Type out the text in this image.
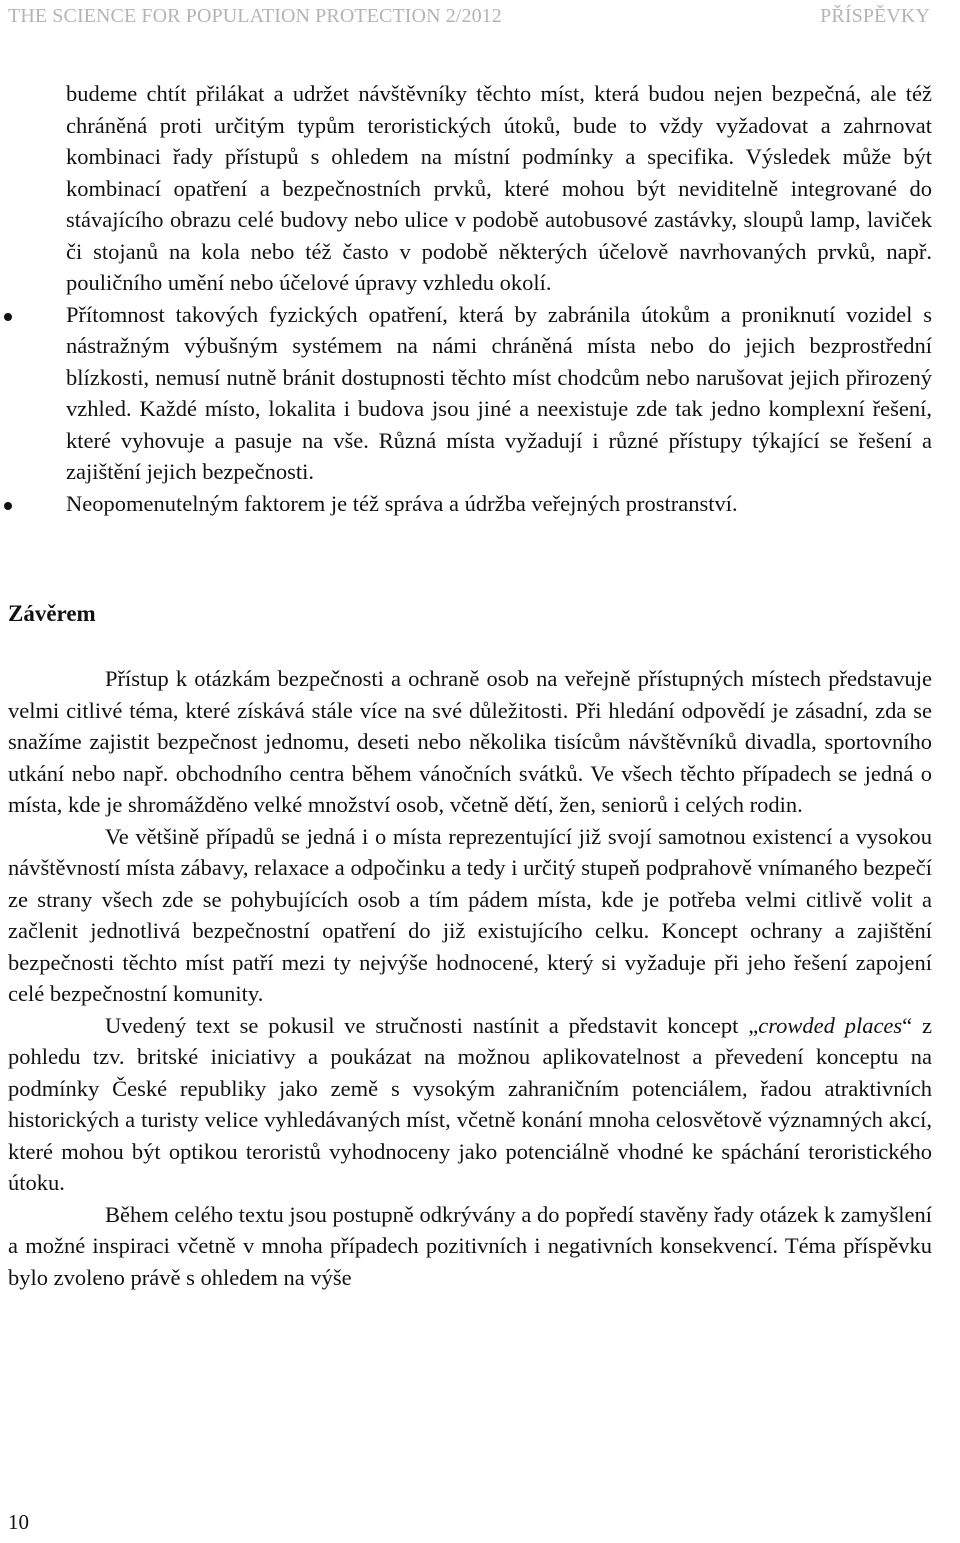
THE SCIENCE FOR POPULATION PROTECTION 2/2012	PŘÍSPĚVKY

budeme chtít přilákat a udržet návštěvníky těchto míst, která budou nejen bezpečná, ale též chráněná proti určitým typům teroristických útoků, bude to vždy vyžadovat a zahrnovat kombinaci řady přístupů s ohledem na místní podmínky a specifika. Výsledek může být kombinací opatření a bezpečnostních prvků, které mohou být neviditelně integrované do stávajícího obrazu celé budovy nebo ulice v podobě autobusové zastávky, sloupů lamp, laviček či stojanů na kola nebo též často v podobě některých účelově navrhovaných prvků, např. pouličního umění nebo účelové úpravy vzhledu okolí.

Přítomnost takových fyzických opatření, která by zabránila útokům a proniknutí vozidel s nástražným výbušným systémem na námi chráněná místa nebo do jejich bezprostřední blízkosti, nemusí nutně bránit dostupnosti těchto míst chodcům nebo narušovat jejich přirozený vzhled. Každé místo, lokalita i budova jsou jiné a neexistuje zde tak jedno komplexní řešení, které vyhovuje a pasuje na vše. Různá místa vyžadují i různé přístupy týkající se řešení a zajištění jejich bezpečnosti.

Neopomenutelným faktorem je též správa a údržba veřejných prostranství.

Závěrem

Přístup k otázkám bezpečnosti a ochraně osob na veřejně přístupných místech představuje velmi citlivé téma, které získává stále více na své důležitosti. Při hledání odpovědí je zásadní, zda se snažíme zajistit bezpečnost jednomu, deseti nebo několika tisícům návštěvníků divadla, sportovního utkání nebo např. obchodního centra během vánočních svátků. Ve všech těchto případech se jedná o místa, kde je shromážděno velké množství osob, včetně dětí, žen, seniorů i celých rodin.

Ve většině případů se jedná i o místa reprezentující již svojí samotnou existencí a vysokou návštěvností místa zábavy, relaxace a odpočinku a tedy i určitý stupeň podprahově vnímaného bezpečí ze strany všech zde se pohybujících osob a tím pádem místa, kde je potřeba velmi citlivě volit a začlenit jednotlivá bezpečnostní opatření do již existujícího celku. Koncept ochrany a zajištění bezpečnosti těchto míst patří mezi ty nejvýše hodnocené, který si vyžaduje při jeho řešení zapojení celé bezpečnostní komunity.

Uvedený text se pokusil ve stručnosti nastínit a představit koncept „crowded places“ z pohledu tzv. britské iniciativy a poukázat na možnou aplikovatelnost a převedení konceptu na podmínky České republiky jako země s vysokým zahraničním potenciálem, řadou atraktivních historických a turisty velice vyhledávaných míst, včetně konání mnoha celosvětově významných akcí, které mohou být optikou teroristů vyhodnoceny jako potenciálně vhodné ke spáchání teroristického útoku.

Během celého textu jsou postupně odkrývány a do popředí stavěny řady otázek k zamyšlení a možné inspiraci včetně v mnoha případech pozitivních i negativních konsekvencí. Téma příspěvku bylo zvoleno právě s ohledem na výše

10
